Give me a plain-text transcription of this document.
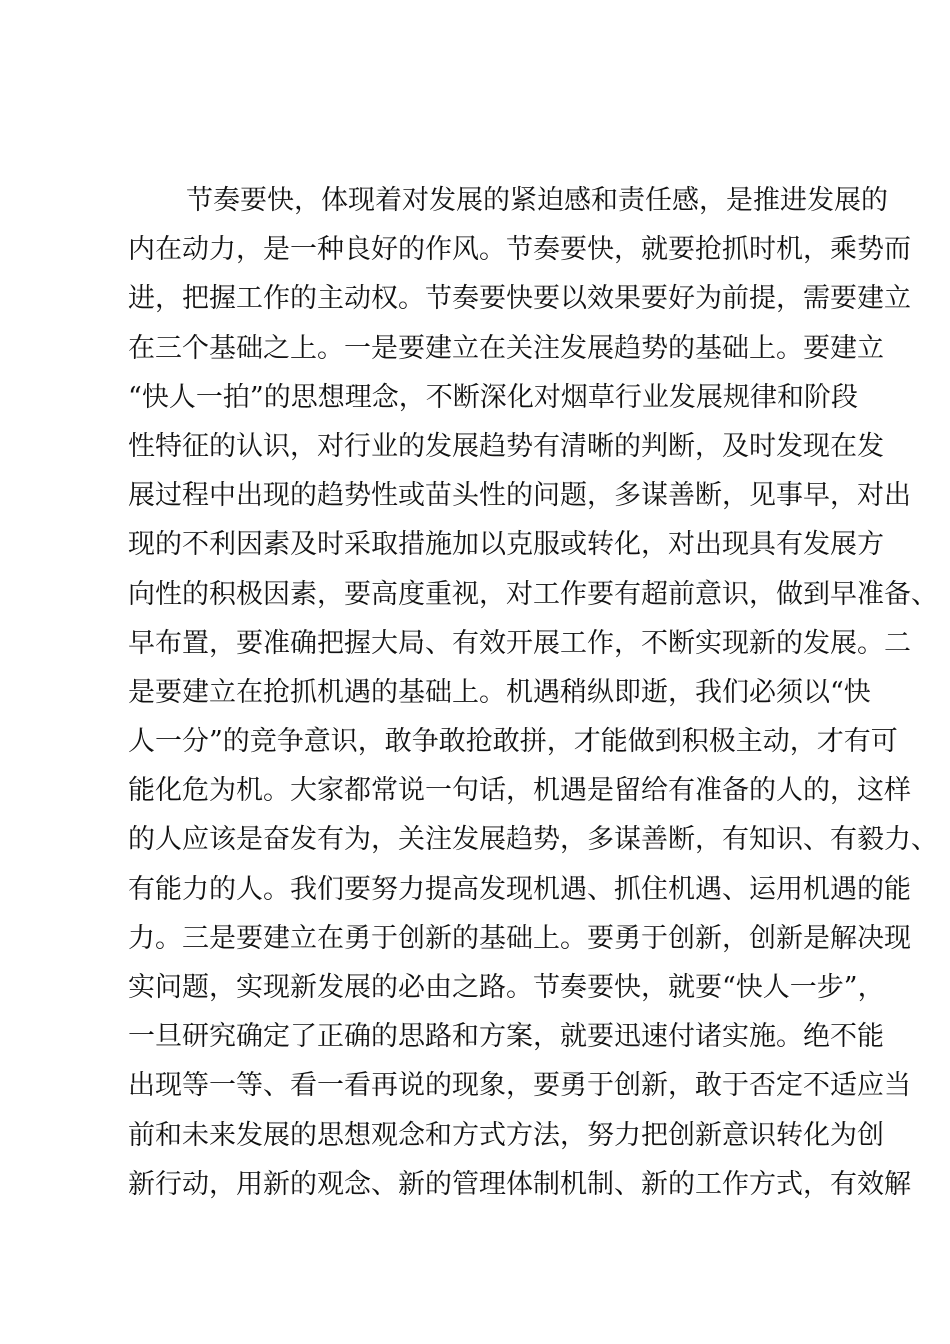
节奏要快，体现着对发展的紧迫感和责任感，是推进发展的
内在动力，是一种良好的作风。节奏要快，就要抢抓时机，乘势而
进，把握工作的主动权。节奏要快要以效果要好为前提，需要建立
在三个基础之上。一是要建立在关注发展趋势的基础上。要建立
“快人一拍”的思想理念，不断深化对烟草行业发展规律和阶段
性特征的认识，对行业的发展趋势有清晰的判断，及时发现在发
展过程中出现的趋势性或苗头性的问题，多谋善断，见事早，对出
现的不利因素及时采取措施加以克服或转化，对出现具有发展方
向性的积极因素，要高度重视，对工作要有超前意识，做到早准备、
早布置，要准确把握大局、有效开展工作，不断实现新的发展。二
是要建立在抢抓机遇的基础上。机遇稍纵即逝，我们必须以“快
人一分”的竞争意识，敢争敢抢敢拼，才能做到积极主动，才有可
能化危为机。大家都常说一句话，机遇是留给有准备的人的，这样
的人应该是奋发有为，关注发展趋势，多谋善断，有知识、有毅力、
有能力的人。我们要努力提高发现机遇、抓住机遇、运用机遇的能
力。三是要建立在勇于创新的基础上。要勇于创新，创新是解决现
实问题，实现新发展的必由之路。节奏要快，就要“快人一步”，
一旦研究确定了正确的思路和方案，就要迅速付诸实施。绝不能
出现等一等、看一看再说的现象，要勇于创新，敢于否定不适应当
前和未来发展的思想观念和方式方法，努力把创新意识转化为创
新行动，用新的观念、新的管理体制机制、新的工作方式，有效解
